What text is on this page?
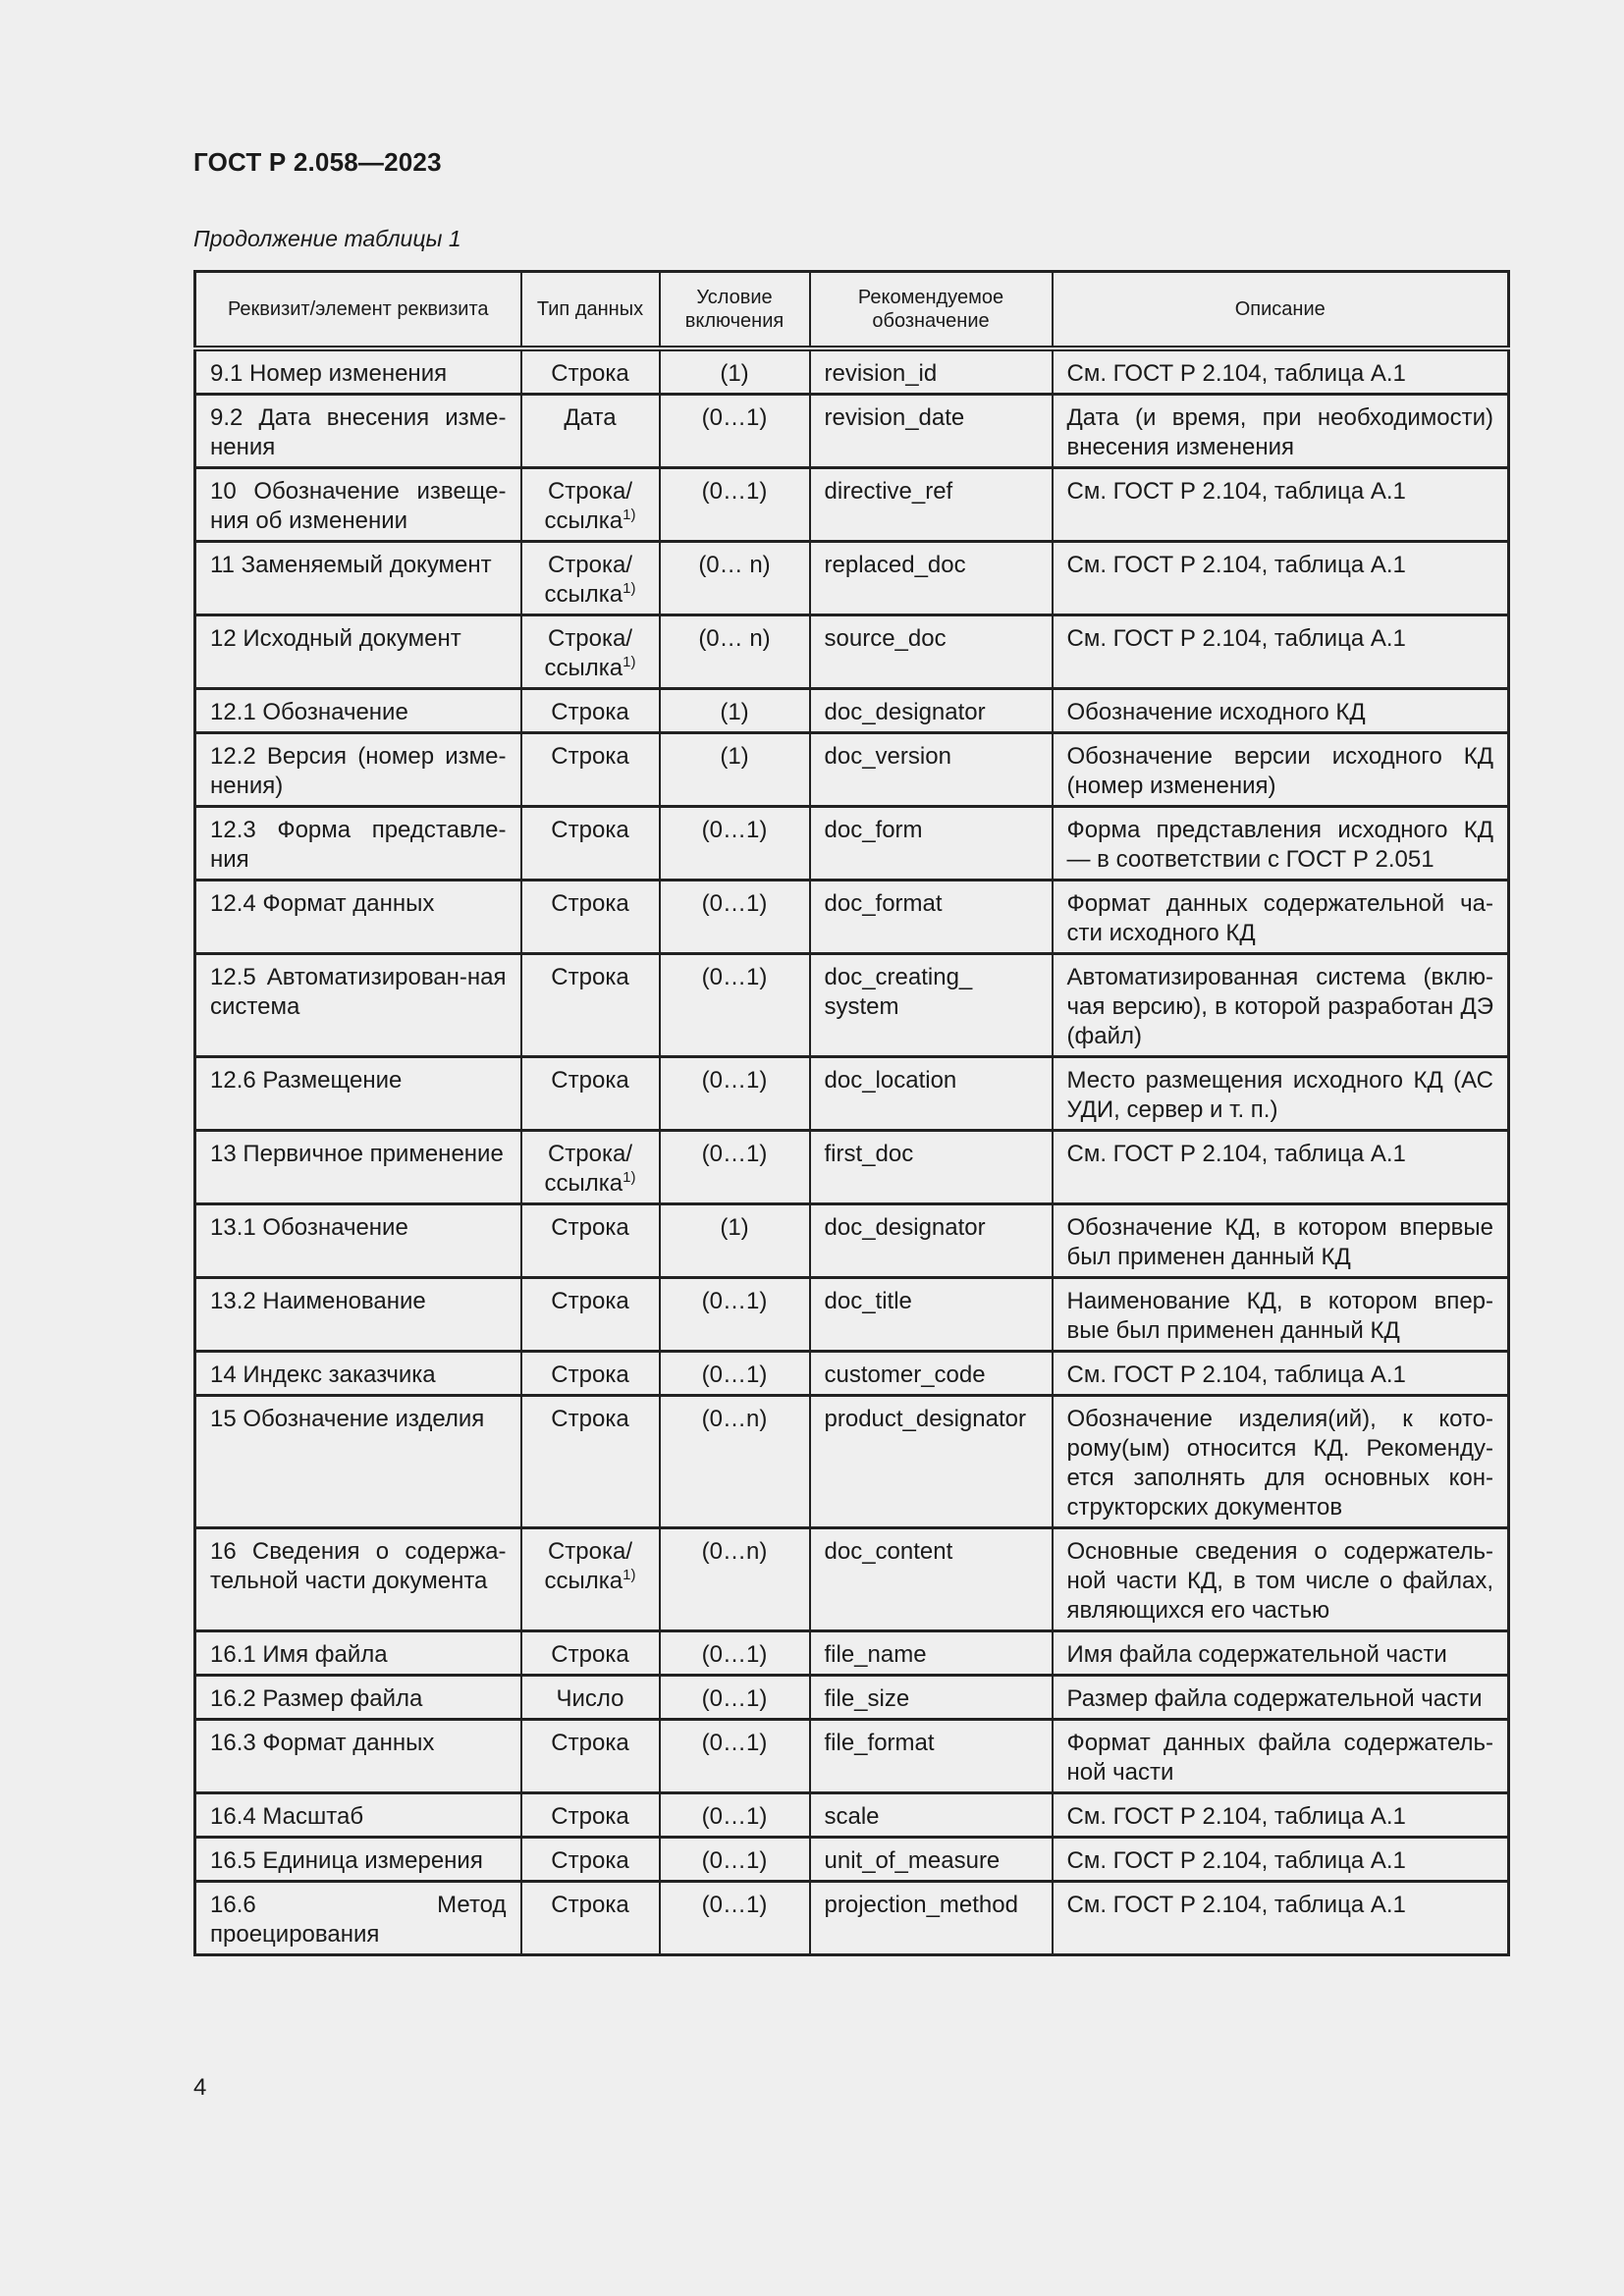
ГОСТ Р 2.058—2023
Продолжение таблицы 1
Реквизит/элемент реквизита	Тип данных	Условие включения	Рекомендуемое обозначение	Описание
9.1 Номер изменения	Строка	(1)	revision_id	См. ГОСТ Р 2.104, таблица А.1
9.2 Дата внесения изме-нения	Дата	(0…1)	revision_date	Дата (и время, при необходимости) внесения изменения
10 Обозначение извеще-ния об изменении	Строка/ ссылка$^{1)}$	(0…1)	directive_ref	См. ГОСТ Р 2.104, таблица А.1
11 Заменяемый документ	Строка/ ссылка$^{1)}$	(0… n)	replaced_doc	См. ГОСТ Р 2.104, таблица А.1
12 Исходный документ	Строка/ ссылка$^{1)}$	(0… n)	source_doc	См. ГОСТ Р 2.104, таблица А.1
12.1 Обозначение	Строка	(1)	doc_designator	Обозначение исходного КД
12.2 Версия (номер изме-нения)	Строка	(1)	doc_version	Обозначение версии исходного КД (номер изменения)
12.3 Форма представле-ния	Строка	(0…1)	doc_form	Форма представления исходного КД — в соответствии с ГОСТ Р 2.051
12.4 Формат данных	Строка	(0…1)	doc_format	Формат данных содержательной ча-сти исходного КД
12.5 Автоматизирован-ная система	Строка	(0…1)	doc_creating_ system	Автоматизированная система (вклю-чая версию), в которой разработан ДЭ (файл)
12.6 Размещение	Строка	(0…1)	doc_location	Место размещения исходного КД (АС УДИ, сервер и т. п.)
13 Первичное применение	Строка/ ссылка$^{1)}$	(0…1)	first_doc	См. ГОСТ Р 2.104, таблица А.1
13.1 Обозначение	Строка	(1)	doc_designator	Обозначение КД, в котором впервые был применен данный КД
13.2 Наименование	Строка	(0…1)	doc_title	Наименование КД, в котором впер-вые был применен данный КД
14 Индекс заказчика	Строка	(0…1)	customer_code	См. ГОСТ Р 2.104, таблица А.1
15 Обозначение изделия	Строка	(0…n)	product_designator	Обозначение изделия(ий), к кото-рому(ым) относится КД. Рекоменду-ется заполнять для основных кон-структорских документов
16 Сведения о содержа-тельной части документа	Строка/ ссылка$^{1)}$	(0…n)	doc_content	Основные сведения о содержатель-ной части КД, в том числе о файлах, являющихся его частью
16.1 Имя файла	Строка	(0…1)	file_name	Имя файла содержательной части
16.2 Размер файла	Число	(0…1)	file_size	Размер файла содержательной части
16.3 Формат данных	Строка	(0…1)	file_format	Формат данных файла содержатель-ной части
16.4 Масштаб	Строка	(0…1)	scale	См. ГОСТ Р 2.104, таблица А.1
16.5 Единица измерения	Строка	(0…1)	unit_of_measure	См. ГОСТ Р 2.104, таблица А.1
16.6 Метод проецирования	Строка	(0…1)	projection_method	См. ГОСТ Р 2.104, таблица А.1
4
